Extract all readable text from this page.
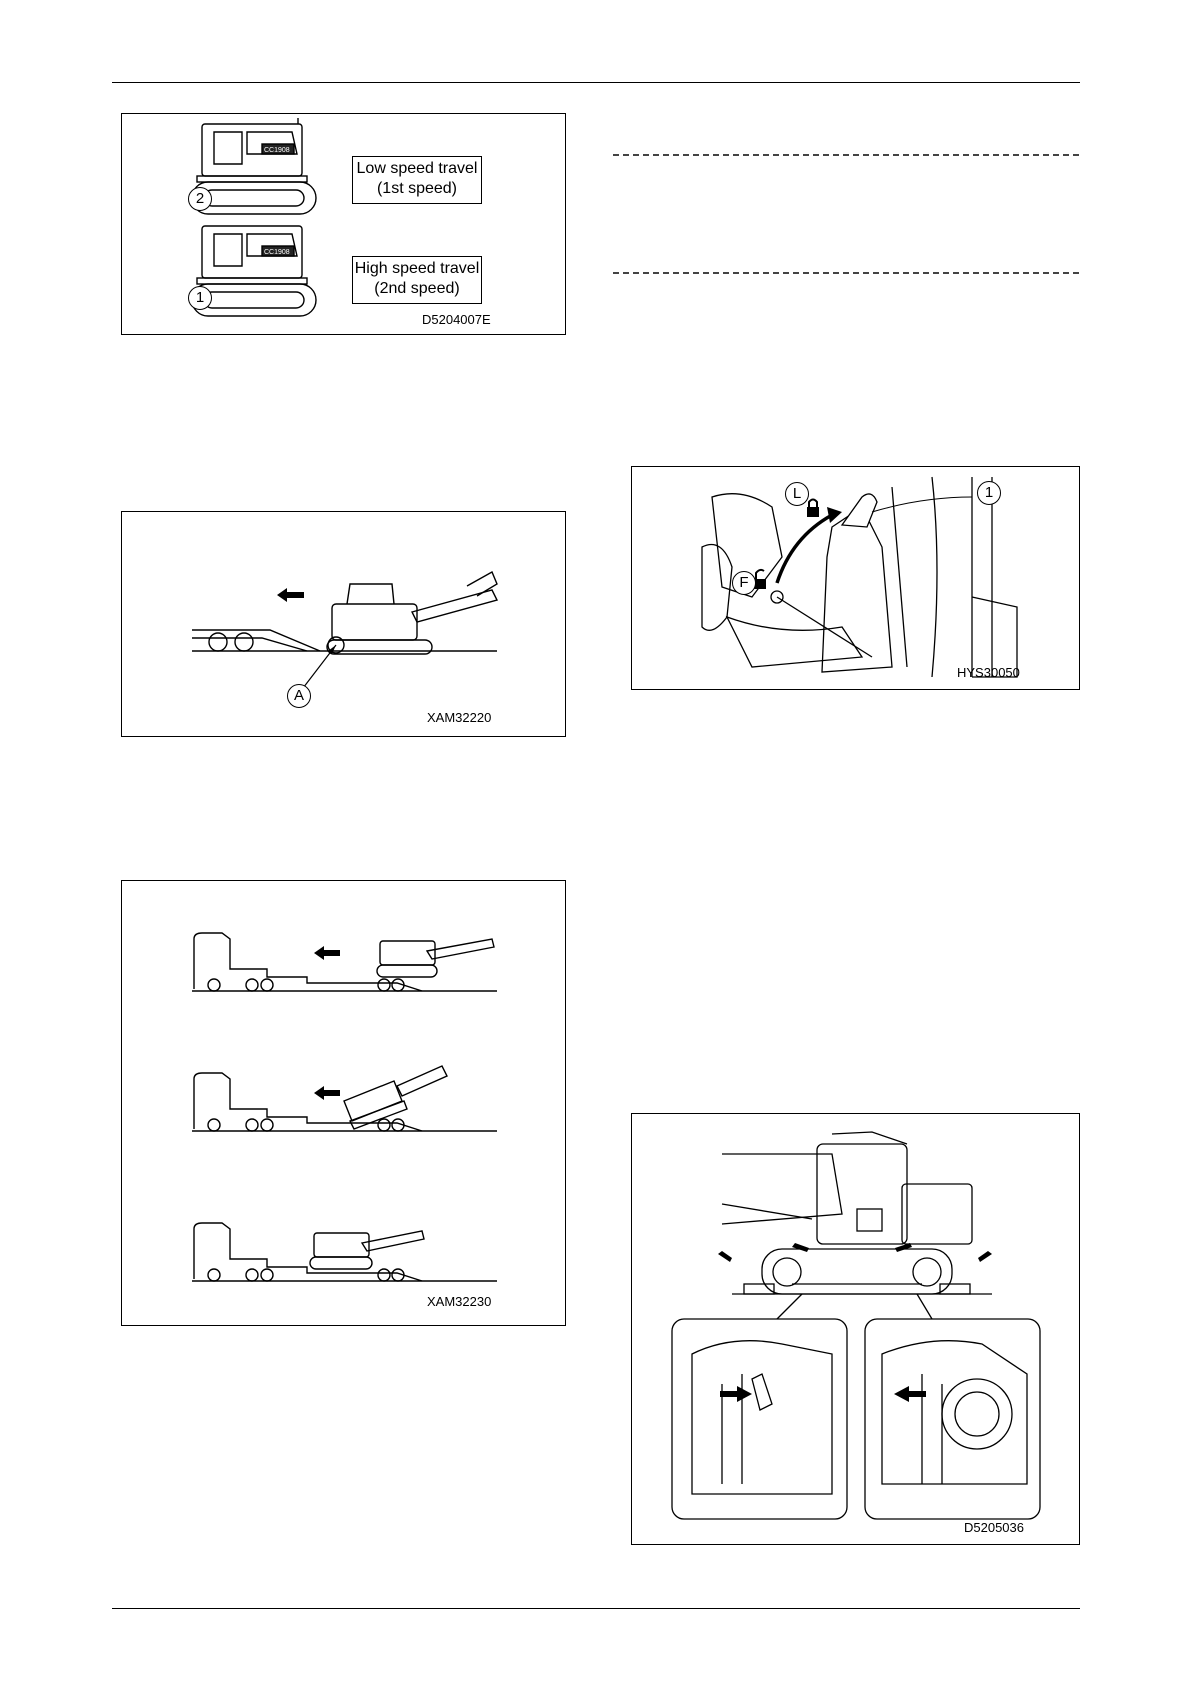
CC1908
CC1908
1
2
Low speed travel
(1st speed)
High speed travel
(2nd speed)
D5204007E
A
XAM32220
XAM32230
L
F
1
HYS30050
D5205036
